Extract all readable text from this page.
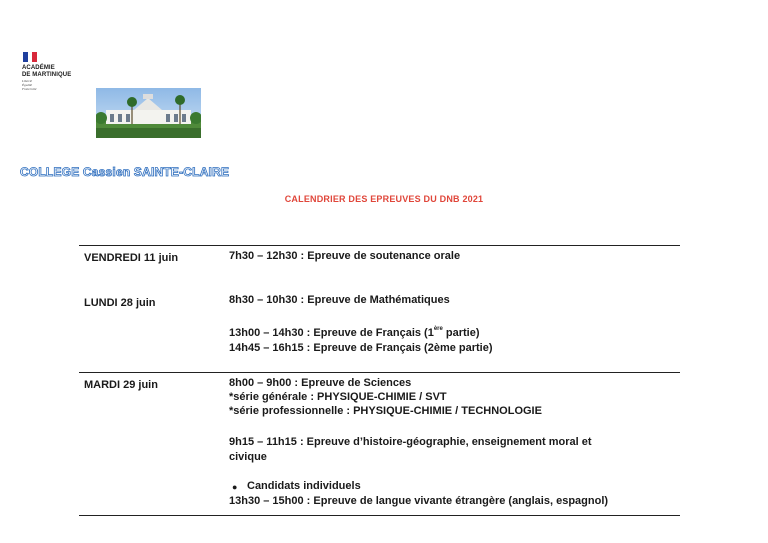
ACADÉMIE
DE MARTINIQUE
Liberté
Égalité
Fraternité
COLLEGE Cassien SAINTE-CLAIRE
CALENDRIER DES EPREUVES DU DNB 2021
VENDREDI 11 juin	7h30 – 12h30 : Epreuve de soutenance orale
LUNDI 28 juin	8h30 – 10h30 : Epreuve de Mathématiques
13h00 – 14h30 : Epreuve de Français (1ère partie)
14h45 – 16h15 : Epreuve de Français (2ème partie)
MARDI 29 juin	8h00 – 9h00 : Epreuve de Sciences
*série générale : PHYSIQUE-CHIMIE / SVT
*série professionnelle : PHYSIQUE-CHIMIE / TECHNOLOGIE
9h15 – 11h15 : Epreuve d’histoire-géographie, enseignement moral et
civique
● Candidats individuels
13h30 – 15h00 : Epreuve de langue vivante étrangère (anglais, espagnol)
